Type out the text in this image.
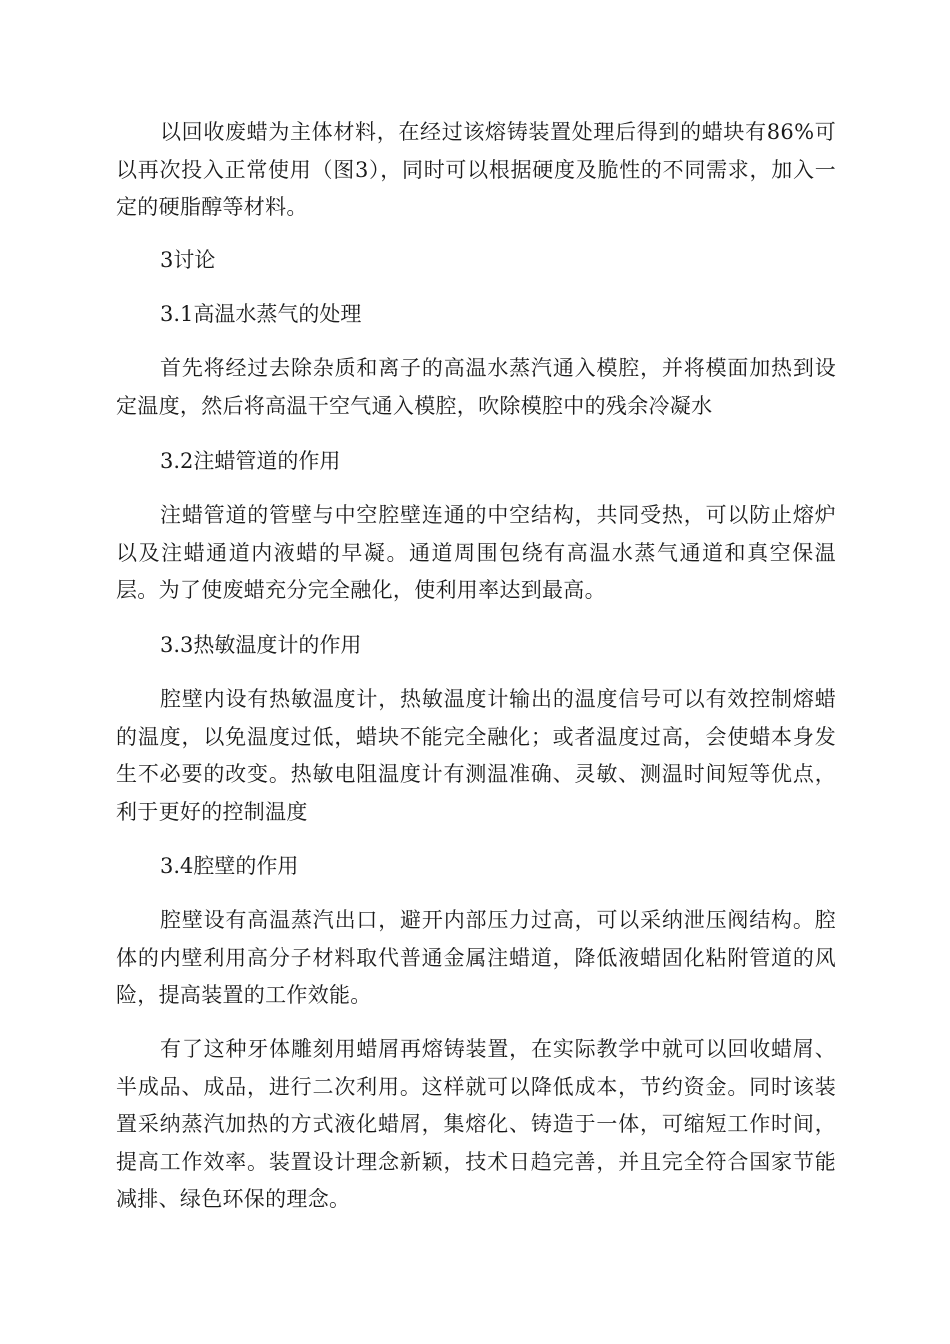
以回收废蜡为主体材料，在经过该熔铸装置处理后得到的蜡块有86%可以再次投入正常使用（图3），同时可以根据硬度及脆性的不同需求，加入一定的硬脂醇等材料。

3讨论

3.1高温水蒸气的处理

首先将经过去除杂质和离子的高温水蒸汽通入模腔，并将模面加热到设定温度，然后将高温干空气通入模腔，吹除模腔中的残余冷凝水

3.2注蜡管道的作用

注蜡管道的管壁与中空腔壁连通的中空结构，共同受热，可以防止熔炉以及注蜡通道内液蜡的早凝。通道周围包绕有高温水蒸气通道和真空保温层。为了使废蜡充分完全融化，使利用率达到最高。

3.3热敏温度计的作用

腔壁内设有热敏温度计，热敏温度计输出的温度信号可以有效控制熔蜡的温度，以免温度过低，蜡块不能完全融化；或者温度过高，会使蜡本身发生不必要的改变。热敏电阻温度计有测温准确、灵敏、测温时间短等优点，利于更好的控制温度

3.4腔壁的作用

腔壁设有高温蒸汽出口，避开内部压力过高，可以采纳泄压阀结构。腔体的内壁利用高分子材料取代普通金属注蜡道，降低液蜡固化粘附管道的风险，提高装置的工作效能。

有了这种牙体雕刻用蜡屑再熔铸装置，在实际教学中就可以回收蜡屑、半成品、成品，进行二次利用。这样就可以降低成本，节约资金。同时该装置采纳蒸汽加热的方式液化蜡屑，集熔化、铸造于一体，可缩短工作时间，提高工作效率。装置设计理念新颖，技术日趋完善，并且完全符合国家节能减排、绿色环保的理念。
